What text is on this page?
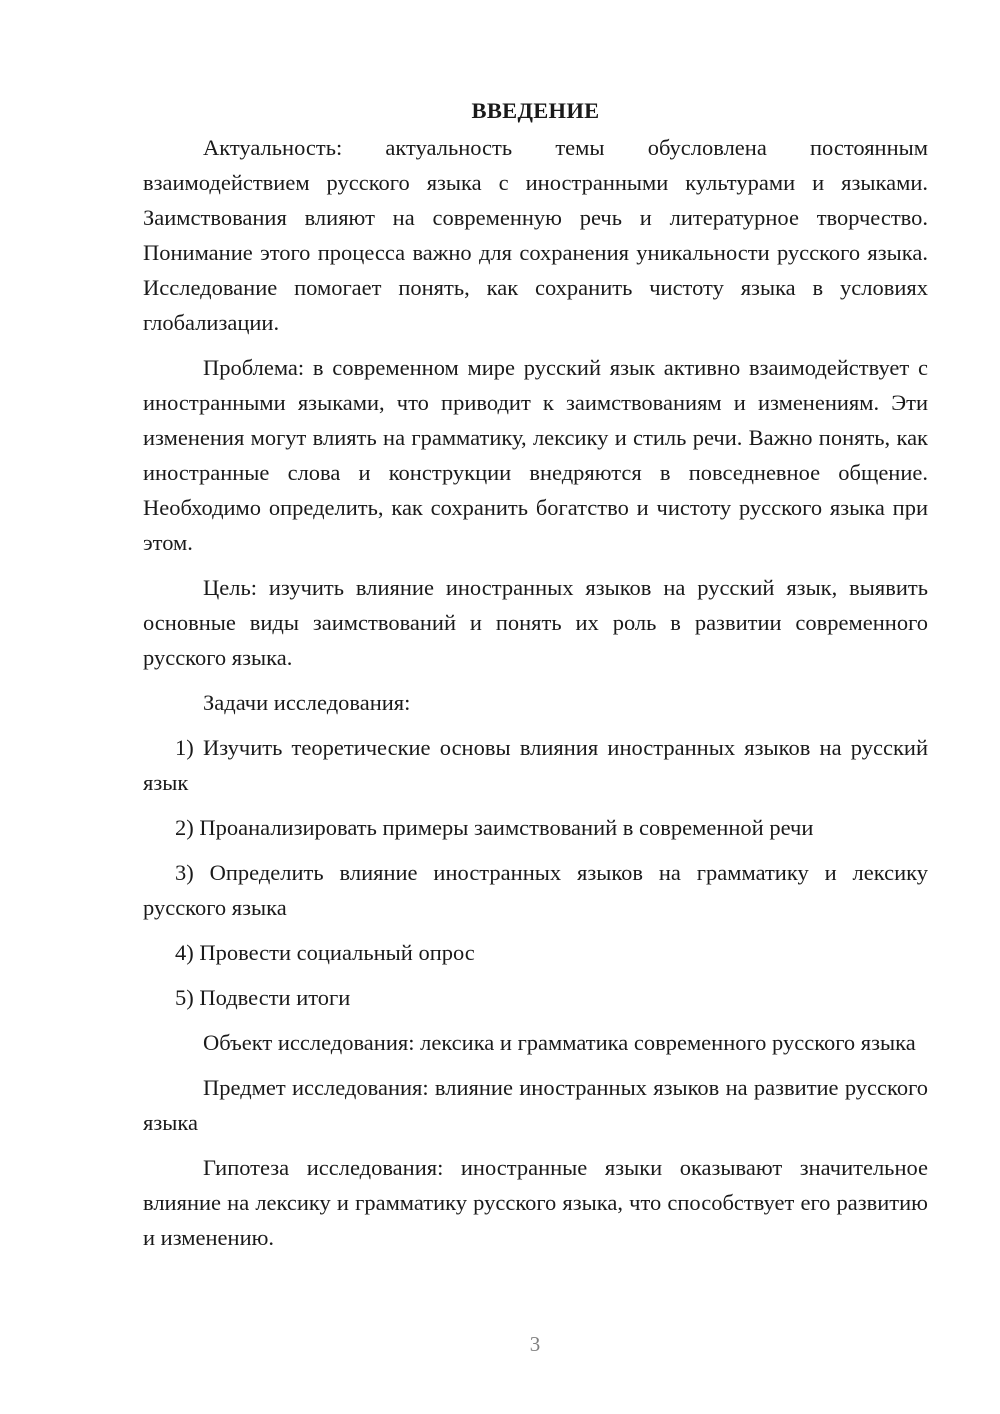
ВВЕДЕНИЕ

Актуальность: актуальность темы обусловлена постоянным взаимодействием русского языка с иностранными культурами и языками. Заимствования влияют на современную речь и литературное творчество. Понимание этого процесса важно для сохранения уникальности русского языка. Исследование помогает понять, как сохранить чистоту языка в условиях глобализации.

Проблема: в современном мире русский язык активно взаимодействует с иностранными языками, что приводит к заимствованиям и изменениям. Эти изменения могут влиять на грамматику, лексику и стиль речи. Важно понять, как иностранные слова и конструкции внедряются в повседневное общение. Необходимо определить, как сохранить богатство и чистоту русского языка при этом.

Цель: изучить влияние иностранных языков на русский язык, выявить основные виды заимствований и понять их роль в развитии современного русского языка.

Задачи исследования:

1) Изучить теоретические основы влияния иностранных языков на русский язык

2) Проанализировать примеры заимствований в современной речи

3) Определить влияние иностранных языков на грамматику и лексику русского языка

4) Провести социальный опрос

5) Подвести итоги

Объект исследования: лексика и грамматика современного русского языка

Предмет исследования: влияние иностранных языков на развитие русского языка

Гипотеза исследования: иностранные языки оказывают значительное влияние на лексику и грамматику русского языка, что способствует его развитию и изменению.

3
